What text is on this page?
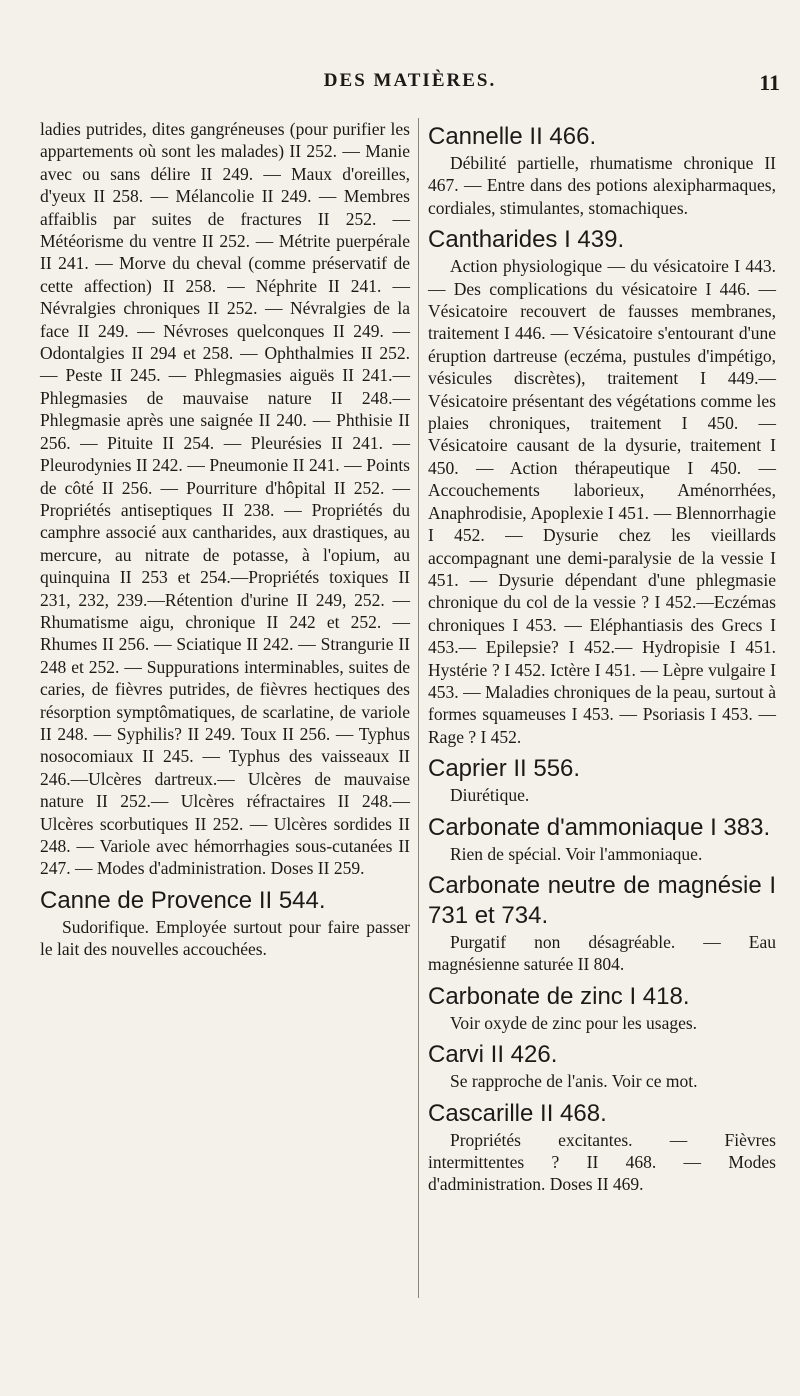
DES MATIÈRES.	11
ladies putrides, dites gangréneuses (pour purifier les appartements où sont les malades) II 252. — Manie avec ou sans délire II 249. — Maux d'oreilles, d'yeux II 258. — Mélancolie II 249. — Membres affaiblis par suites de fractures II 252. — Météorisme du ventre II 252. — Métrite puerpérale II 241. — Morve du cheval (comme préservatif de cette affection) II 258. — Néphrite II 241. — Névralgies chroniques II 252. — Névralgies de la face II 249. — Névroses quelconques II 249. — Odontalgies II 294 et 258. — Ophthalmies II 252. — Peste II 245. — Phlegmasies aiguës II 241.— Phlegmasies de mauvaise nature II 248.— Phlegmasie après une saignée II 240. — Phthisie II 256. — Pituite II 254. — Pleurésies II 241. — Pleurodynies II 242. — Pneumonie II 241. — Points de côté II 256. — Pourriture d'hôpital II 252. — Propriétés antiseptiques II 238. — Propriétés du camphre associé aux cantharides, aux drastiques, au mercure, au nitrate de potasse, à l'opium, au quinquina II 253 et 254.—Propriétés toxiques II 231, 232, 239.—Rétention d'urine II 249, 252. — Rhumatisme aigu, chronique II 242 et 252. — Rhumes II 256. — Sciatique II 242. — Strangurie II 248 et 252. — Suppurations interminables, suites de caries, de fièvres putrides, de fièvres hectiques des résorption symptômatiques, de scarlatine, de variole II 248. — Syphilis? II 249. Toux II 256. — Typhus nosocomiaux II 245. — Typhus des vaisseaux II 246.—Ulcères dartreux.— Ulcères de mauvaise nature II 252.— Ulcères réfractaires II 248.—Ulcères scorbutiques II 252. — Ulcères sordides II 248. — Variole avec hémorrhagies sous-cutanées II 247. — Modes d'administration. Doses II 259.
Canne de Provence II 544.
Sudorifique. Employée surtout pour faire passer le lait des nouvelles accouchées.
Cannelle II 466.
Débilité partielle, rhumatisme chronique II 467. — Entre dans des potions alexipharmaques, cordiales, stimulantes, stomachiques.
Cantharides I 439.
Action physiologique — du vésicatoire I 443. — Des complications du vésicatoire I 446. — Vésicatoire recouvert de fausses membranes, traitement I 446. — Vésicatoire s'entourant d'une éruption dartreuse (eczéma, pustules d'impétigo, vésicules discrètes), traitement I 449.— Vésicatoire présentant des végétations comme les plaies chroniques, traitement I 450. — Vésicatoire causant de la dysurie, traitement I 450. — Action thérapeutique I 450. — Accouchements laborieux, Aménorrhées, Anaphrodisie, Apoplexie I 451. — Blennorrhagie I 452. — Dysurie chez les vieillards accompagnant une demi-paralysie de la vessie I 451. — Dysurie dépendant d'une phlegmasie chronique du col de la vessie ? I 452.—Eczémas chroniques I 453. — Eléphantiasis des Grecs I 453.— Epilepsie? I 452.— Hydropisie I 451. Hystérie ? I 452. Ictère I 451. — Lèpre vulgaire I 453. — Maladies chroniques de la peau, surtout à formes squameuses I 453. — Psoriasis I 453. — Rage ? I 452.
Caprier II 556.
Diurétique.
Carbonate d'ammoniaque I 383.
Rien de spécial. Voir l'ammoniaque.
Carbonate neutre de magnésie I 731 et 734.
Purgatif non désagréable. — Eau magnésienne saturée II 804.
Carbonate de zinc I 418.
Voir oxyde de zinc pour les usages.
Carvi II 426.
Se rapproche de l'anis. Voir ce mot.
Cascarille II 468.
Propriétés excitantes. — Fièvres intermittentes ? II 468. — Modes d'administration. Doses II 469.
